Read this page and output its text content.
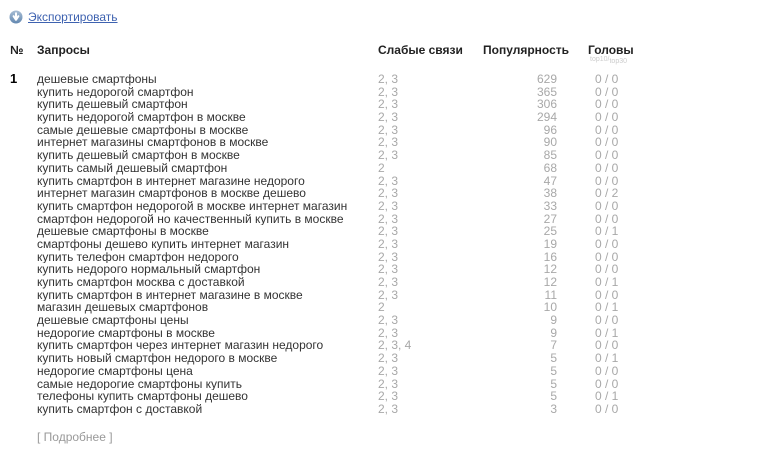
Экспортировать
№	Запросы	Слабые связи	Популярность	Головы
top10/top30
1	дешевые смартфоны	2, 3	629	0 / 0
купить недорогой смартфон	2, 3	365	0 / 0
купить дешевый смартфон	2, 3	306	0 / 0
купить недорогой смартфон в москве	2, 3	294	0 / 0
самые дешевые смартфоны в москве	2, 3	96	0 / 0
интернет магазины смартфонов в москве	2, 3	90	0 / 0
купить дешевый смартфон в москве	2, 3	85	0 / 0
купить самый дешевый смартфон	2	68	0 / 0
купить смартфон в интернет магазине недорого	2, 3	47	0 / 0
интернет магазин смартфонов в москве дешево	2, 3	38	0 / 2
купить смартфон недорогой в москве интернет магазин	2, 3	33	0 / 0
смартфон недорогой но качественный купить в москве	2, 3	27	0 / 0
дешевые смартфоны в москве	2, 3	25	0 / 1
смартфоны дешево купить интернет магазин	2, 3	19	0 / 0
купить телефон смартфон недорого	2, 3	16	0 / 0
купить недорого нормальный смартфон	2, 3	12	0 / 0
купить смартфон москва с доставкой	2, 3	12	0 / 1
купить смартфон в интернет магазине в москве	2, 3	11	0 / 0
магазин дешевых смартфонов	2	10	0 / 1
дешевые смартфоны цены	2, 3	9	0 / 0
недорогие смартфоны в москве	2, 3	9	0 / 1
купить смартфон через интернет магазин недорого	2, 3, 4	7	0 / 0
купить новый смартфон недорого в москве	2, 3	5	0 / 1
недорогие смартфоны цена	2, 3	5	0 / 0
самые недорогие смартфоны купить	2, 3	5	0 / 0
телефоны купить смартфоны дешево	2, 3	5	0 / 1
купить смартфон с доставкой	2, 3	3	0 / 0
[ Подробнее ]
